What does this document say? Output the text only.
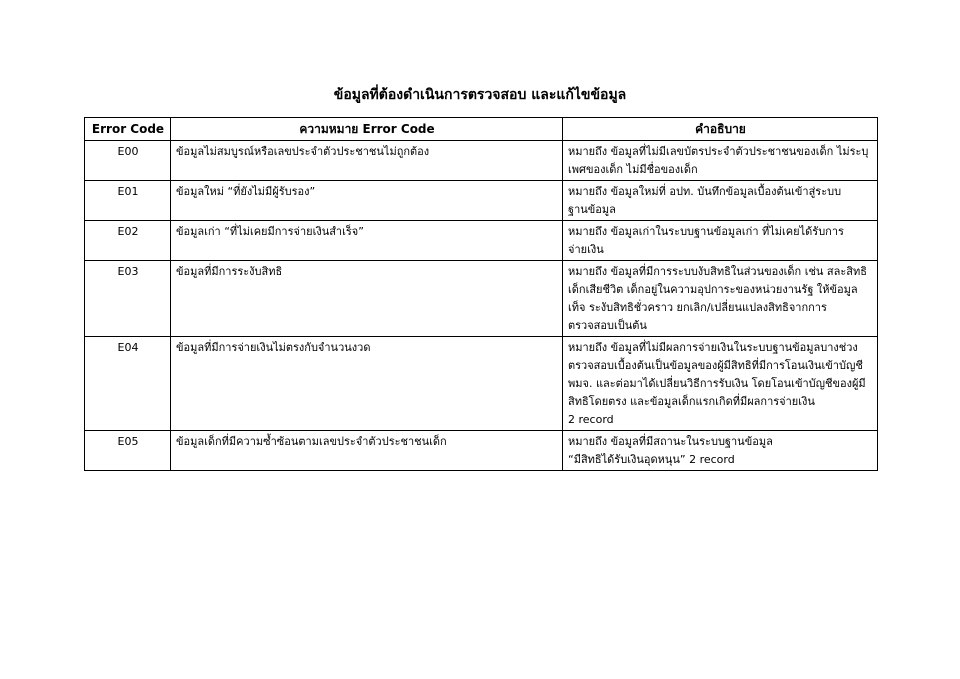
ข้อมูลที่ต้องดำเนินการตรวจสอบ และแก้ไขข้อมูล
Error Code	ความหมาย Error Code	คำอธิบาย
E00	ข้อมูลไม่สมบูรณ์หรือเลขประจำตัวประชาชนไม่ถูกต้อง	หมายถึง ข้อมูลที่ไม่มีเลขบัตรประจำตัวประชาชนของเด็ก ไม่ระบุ
เพศของเด็ก ไม่มีชื่อของเด็ก

E01	ข้อมูลใหม่ “ที่ยังไม่มีผู้รับรอง”	หมายถึง ข้อมูลใหม่ที่ อปท. บันทึกข้อมูลเบื้องต้นเข้าสู่ระบบ
ฐานข้อมูล

E02	ข้อมูลเก่า “ที่ไม่เคยมีการจ่ายเงินสำเร็จ”	หมายถึง ข้อมูลเก่าในระบบฐานข้อมูลเก่า ที่ไม่เคยได้รับการ
จ่ายเงิน

E03	ข้อมูลที่มีการระงับสิทธิ	หมายถึง ข้อมูลที่มีการระบบงับสิทธิในส่วนของเด็ก เช่น สละสิทธิ
เด็กเสียชีวิต เด็กอยู่ในความอุปการะของหน่วยงานรัฐ ให้ข้อมูล
เท็จ ระงับสิทธิชั่วคราว ยกเลิก/เปลี่ยนแปลงสิทธิจากการ
ตรวจสอบเป็นต้น

E04	ข้อมูลที่มีการจ่ายเงินไม่ตรงกับจำนวนงวด	หมายถึง ข้อมูลที่ไม่มีผลการจ่ายเงินในระบบฐานข้อมูลบางช่วง
ตรวจสอบเบื้องต้นเป็นข้อมูลของผู้มีสิทธิที่มีการโอนเงินเข้าบัญชี
พมจ. และต่อมาได้เปลี่ยนวิธีการรับเงิน โดยโอนเข้าบัญชีของผู้มี
สิทธิโดยตรง และข้อมูลเด็กแรกเกิดที่มีผลการจ่ายเงิน
2 record

E05	ข้อมูลเด็กที่มีความซ้ำซ้อนตามเลขประจำตัวประชาชนเด็ก	หมายถึง ข้อมูลที่มีสถานะในระบบฐานข้อมูล
“มีสิทธิได้รับเงินอุดหนุน” 2 record
